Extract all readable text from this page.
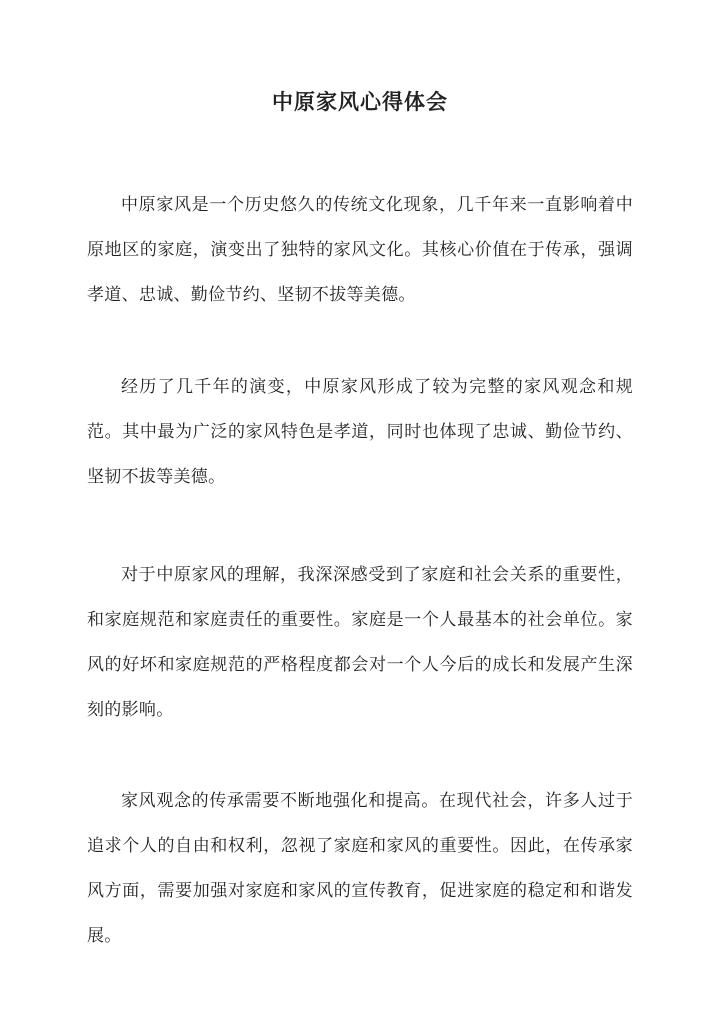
中原家风心得体会

中原家风是一个历史悠久的传统文化现象，几千年来一直影响着中原地区的家庭，演变出了独特的家风文化。其核心价值在于传承，强调孝道、忠诚、勤俭节约、坚韧不拔等美德。

经历了几千年的演变，中原家风形成了较为完整的家风观念和规范。其中最为广泛的家风特色是孝道，同时也体现了忠诚、勤俭节约、坚韧不拔等美德。

对于中原家风的理解，我深深感受到了家庭和社会关系的重要性，和家庭规范和家庭责任的重要性。家庭是一个人最基本的社会单位。家风的好坏和家庭规范的严格程度都会对一个人今后的成长和发展产生深刻的影响。

家风观念的传承需要不断地强化和提高。在现代社会，许多人过于追求个人的自由和权利，忽视了家庭和家风的重要性。因此，在传承家风方面，需要加强对家庭和家风的宣传教育，促进家庭的稳定和和谐发展。
